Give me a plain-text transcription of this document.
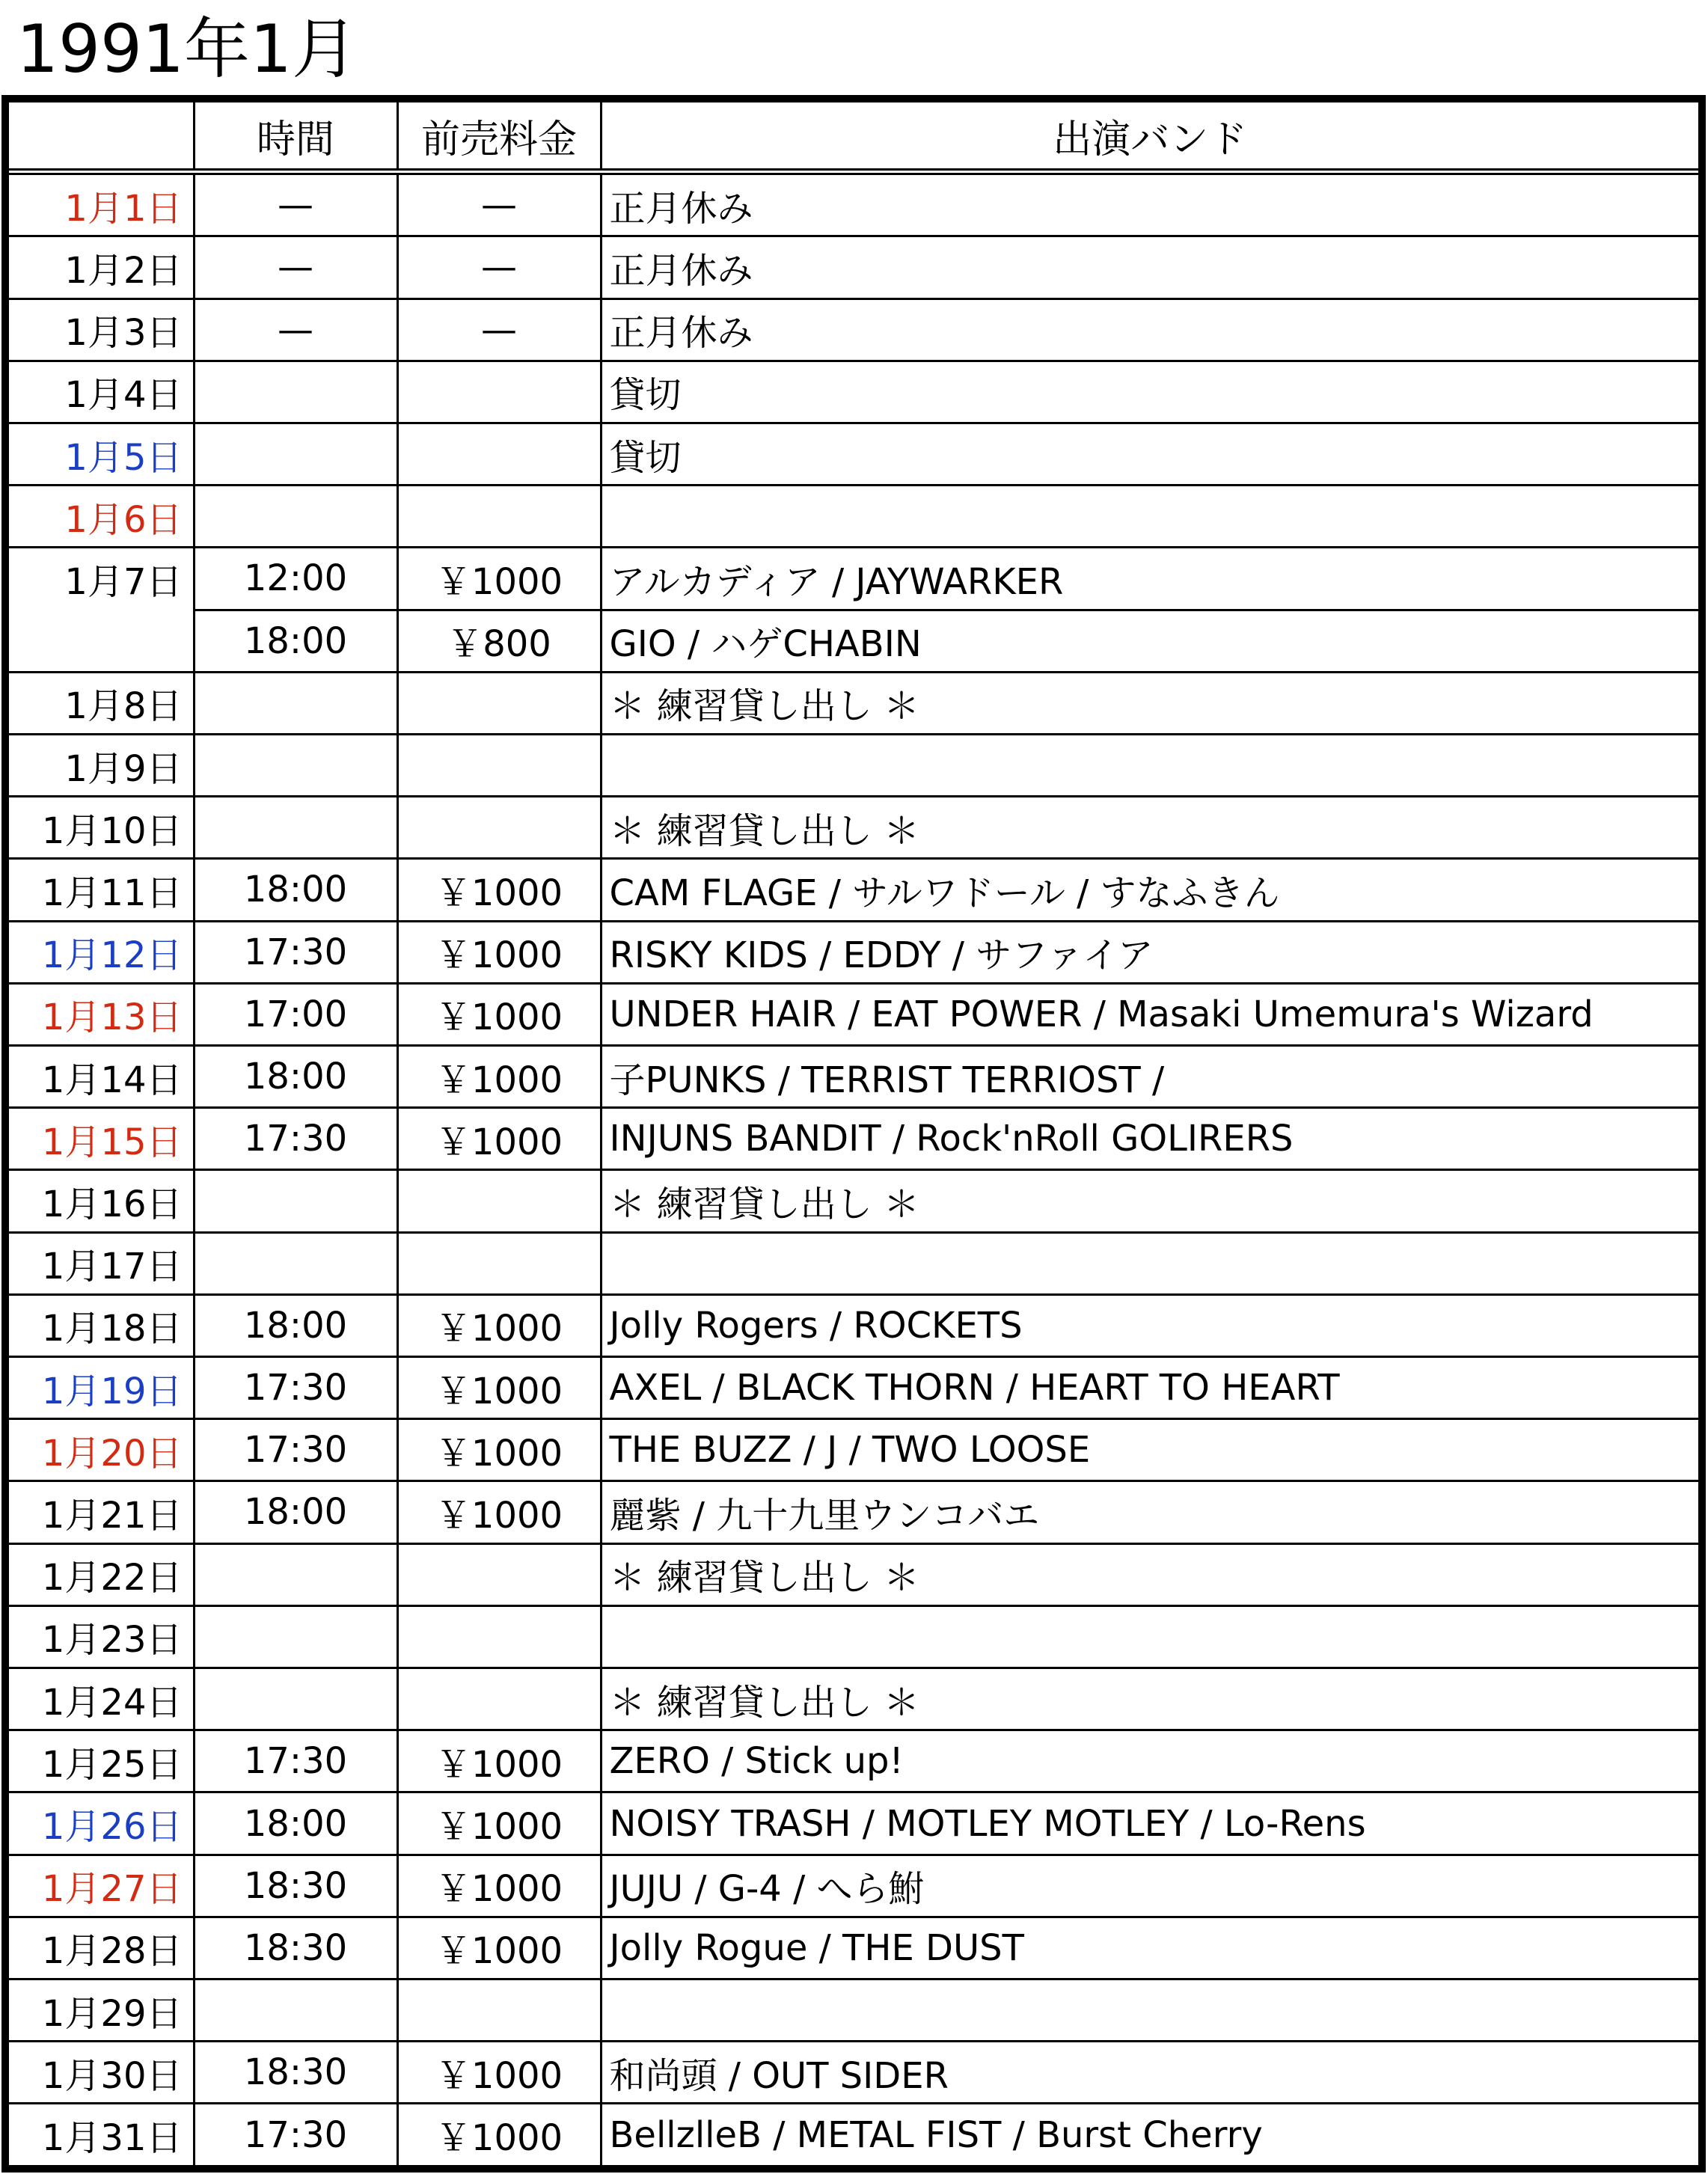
1991年1月
	時間	前売料金	出演バンド
1月1日	—	—	正月休み
1月2日	—	—	正月休み
1月3日	—	—	正月休み
1月4日			貸切
1月5日			貸切
1月6日			
1月7日	12:00	￥1000	アルカディア / JAYWARKER
	18:00	￥800	GIO / ハゲCHABIN
1月8日			＊ 練習貸し出し ＊
1月9日			
1月10日			＊ 練習貸し出し ＊
1月11日	18:00	￥1000	CAM FLAGE / サルワドール / すなふきん
1月12日	17:30	￥1000	RISKY KIDS / EDDY / サファイア
1月13日	17:00	￥1000	UNDER HAIR / EAT POWER / Masaki Umemura's Wizard
1月14日	18:00	￥1000	子PUNKS / TERRIST TERRIOST /
1月15日	17:30	￥1000	INJUNS BANDIT / Rock'nRoll GOLIRERS
1月16日			＊ 練習貸し出し ＊
1月17日			
1月18日	18:00	￥1000	Jolly Rogers / ROCKETS
1月19日	17:30	￥1000	AXEL / BLACK THORN / HEART TO HEART
1月20日	17:30	￥1000	THE BUZZ / J / TWO LOOSE
1月21日	18:00	￥1000	麗紫 / 九十九里ウンコバエ
1月22日			＊ 練習貸し出し ＊
1月23日			
1月24日			＊ 練習貸し出し ＊
1月25日	17:30	￥1000	ZERO / Stick up!
1月26日	18:00	￥1000	NOISY TRASH / MOTLEY MOTLEY / Lo-Rens
1月27日	18:30	￥1000	JUJU / G-4 / へら鮒
1月28日	18:30	￥1000	Jolly Rogue / THE DUST
1月29日			
1月30日	18:30	￥1000	和尚頭 / OUT SIDER
1月31日	17:30	￥1000	BellzlleB / METAL FIST / Burst Cherry
